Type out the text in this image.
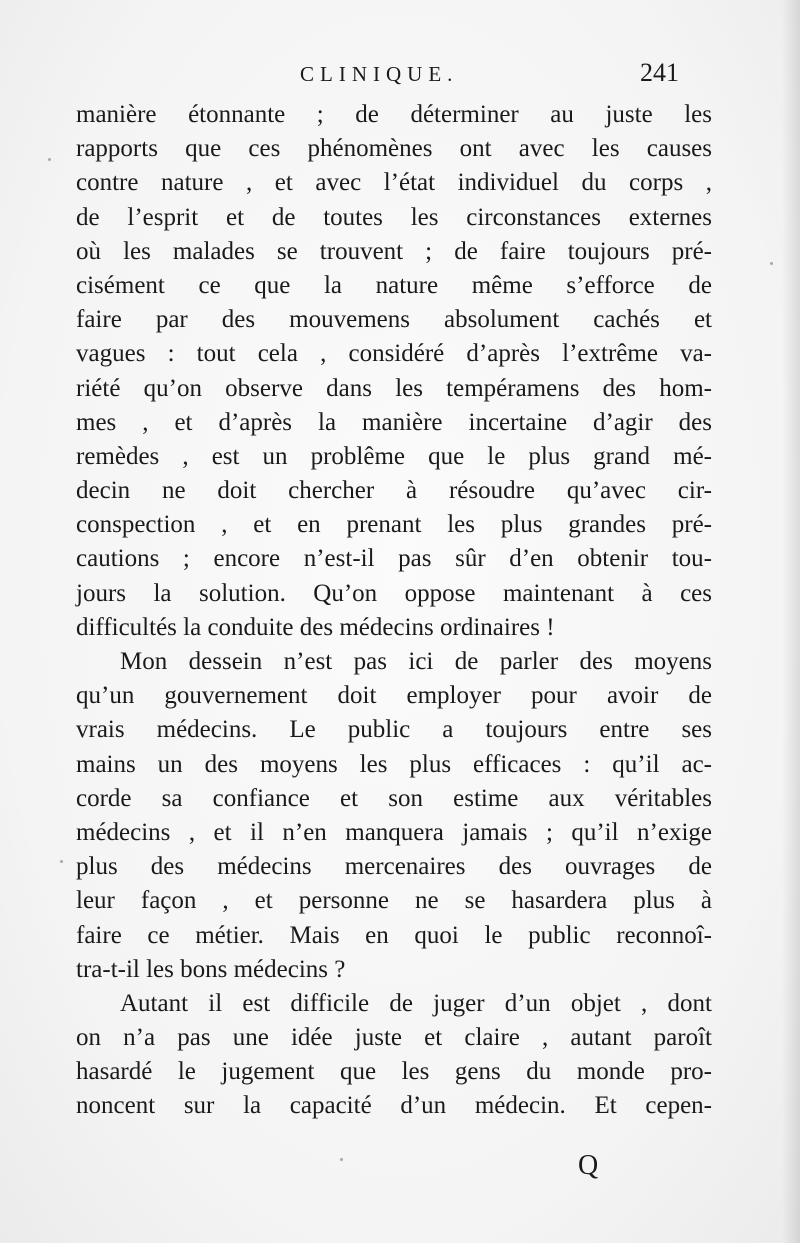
CLINIQUE.	241
manière étonnante ; de déterminer au juste les
rapports que ces phénomènes ont avec les causes
contre nature , et avec l’état individuel du corps ,
de l’esprit et de toutes les circonstances externes
où les malades se trouvent ; de faire toujours pré-
cisément ce que la nature même s’efforce de
faire par des mouvemens absolument cachés et
vagues : tout cela , considéré d’après l’extrême va-
riété qu’on observe dans les tempéramens des hom-
mes , et d’après la manière incertaine d’agir des
remèdes , est un problême que le plus grand mé-
decin ne doit chercher à résoudre qu’avec cir-
conspection , et en prenant les plus grandes pré-
cautions ; encore n’est-il pas sûr d’en obtenir tou-
jours la solution. Qu’on oppose maintenant à ces
difficultés la conduite des médecins ordinaires !
Mon dessein n’est pas ici de parler des moyens
qu’un gouvernement doit employer pour avoir de
vrais médecins. Le public a toujours entre ses
mains un des moyens les plus efficaces : qu’il ac-
corde sa confiance et son estime aux véritables
médecins , et il n’en manquera jamais ; qu’il n’exige
plus des médecins mercenaires des ouvrages de
leur façon , et personne ne se hasardera plus à
faire ce métier. Mais en quoi le public reconnoî-
tra-t-il les bons médecins ?
Autant il est difficile de juger d’un objet , dont
on n’a pas une idée juste et claire , autant paroît
hasardé le jugement que les gens du monde pro-
noncent sur la capacité d’un médecin. Et cepen-
Q
